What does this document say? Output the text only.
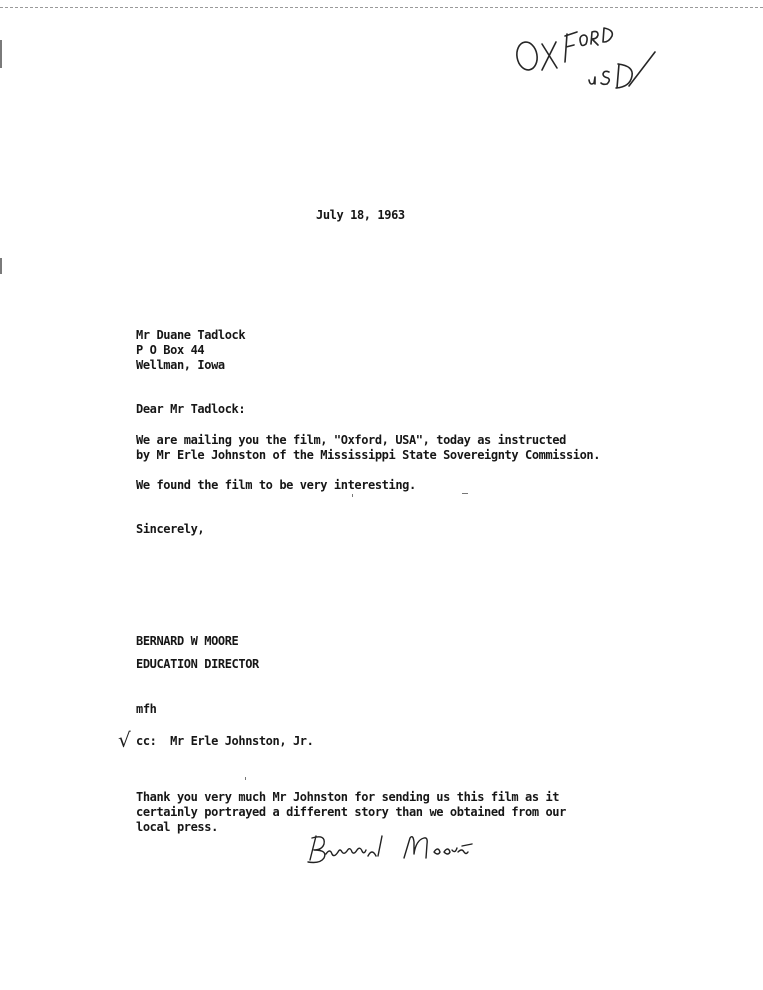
July 18, 1963
Mr Duane Tadlock
P O Box 44
Wellman, Iowa
Dear Mr Tadlock:
We are mailing you the film, "Oxford, USA", today as instructed
by Mr Erle Johnston of the Mississippi State Sovereignty Commission.
We found the film to be very interesting.
Sincerely,
BERNARD W MOORE
EDUCATION DIRECTOR
mfh
√ cc:  Mr Erle Johnston, Jr.
Thank you very much Mr Johnston for sending us this film as it
certainly portrayed a different story than we obtained from our
local press.
